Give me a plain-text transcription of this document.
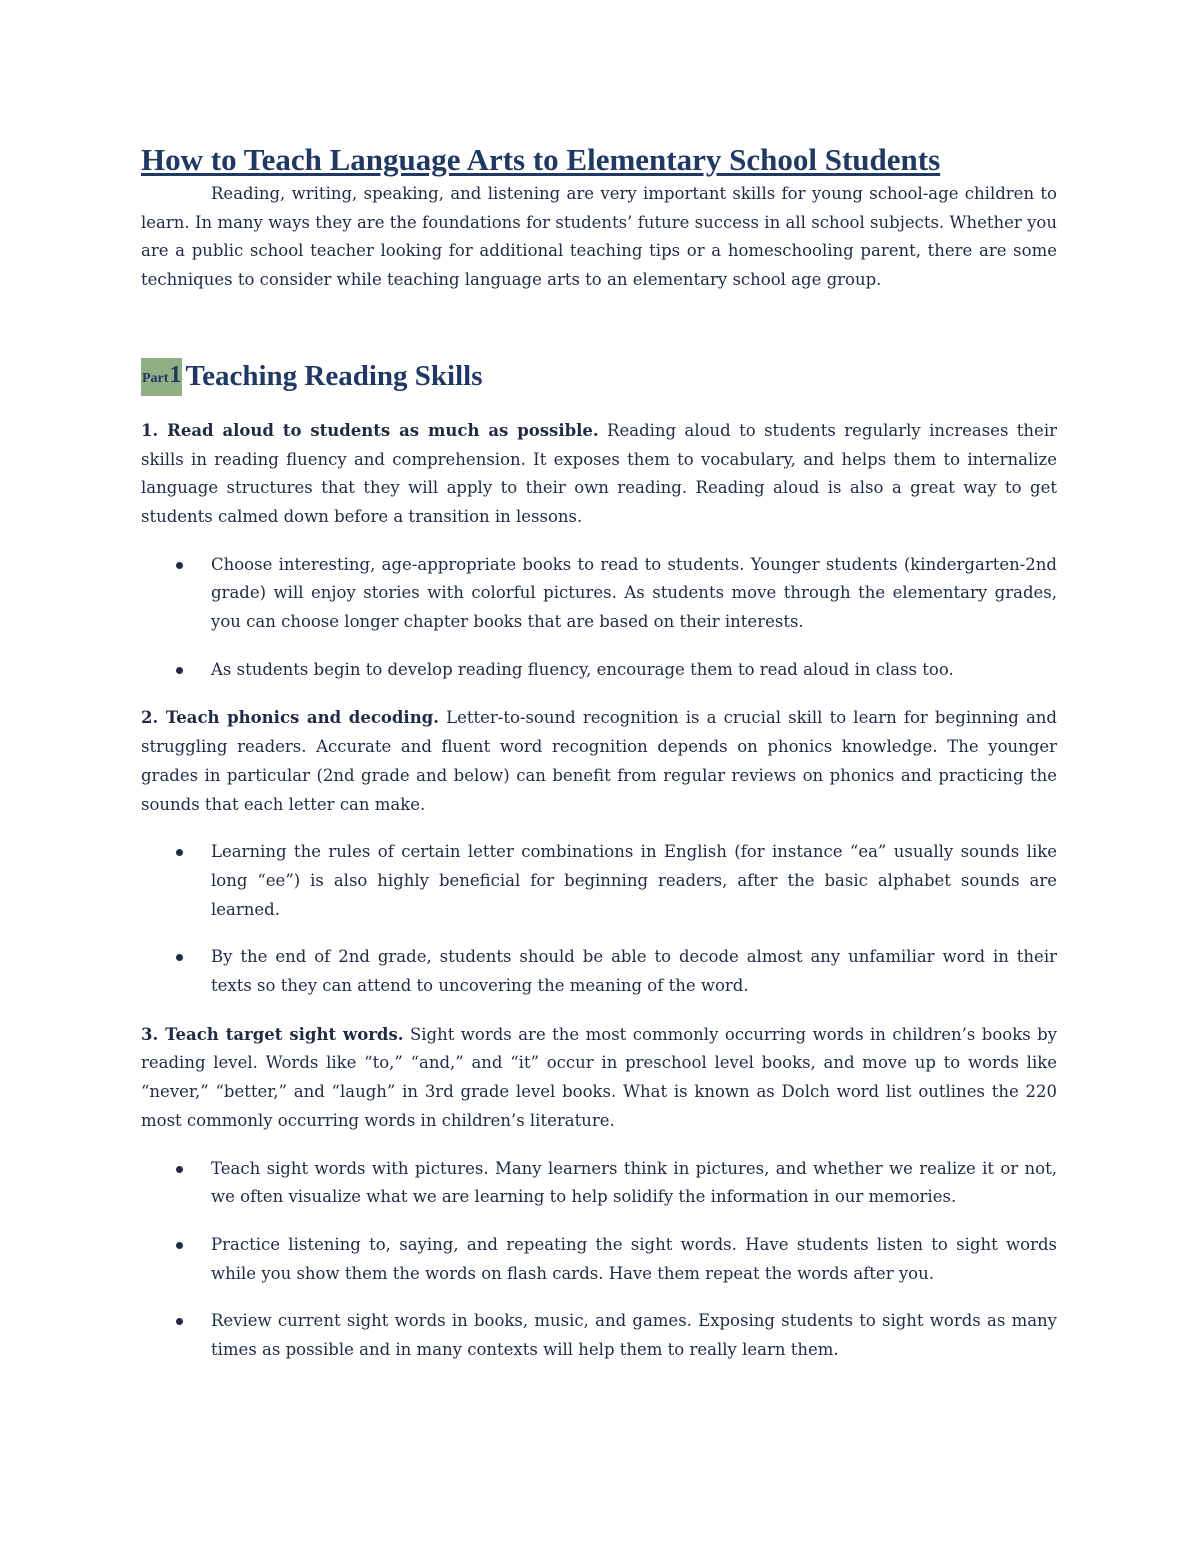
How to Teach Language Arts to Elementary School Students

Reading, writing, speaking, and listening are very important skills for young school-age children to learn. In many ways they are the foundations for students’ future success in all school subjects. Whether you are a public school teacher looking for additional teaching tips or a homeschooling parent, there are some techniques to consider while teaching language arts to an elementary school age group.

Part 1 Teaching Reading Skills

1. Read aloud to students as much as possible. Reading aloud to students regularly increases their skills in reading fluency and comprehension. It exposes them to vocabulary, and helps them to internalize language structures that they will apply to their own reading. Reading aloud is also a great way to get students calmed down before a transition in lessons.

Choose interesting, age-appropriate books to read to students. Younger students (kindergarten-2nd grade) will enjoy stories with colorful pictures. As students move through the elementary grades, you can choose longer chapter books that are based on their interests.
As students begin to develop reading fluency, encourage them to read aloud in class too.

2. Teach phonics and decoding. Letter-to-sound recognition is a crucial skill to learn for beginning and struggling readers. Accurate and fluent word recognition depends on phonics knowledge. The younger grades in particular (2nd grade and below) can benefit from regular reviews on phonics and practicing the sounds that each letter can make.

Learning the rules of certain letter combinations in English (for instance “ea” usually sounds like long “ee”) is also highly beneficial for beginning readers, after the basic alphabet sounds are learned.
By the end of 2nd grade, students should be able to decode almost any unfamiliar word in their texts so they can attend to uncovering the meaning of the word.

3. Teach target sight words. Sight words are the most commonly occurring words in children’s books by reading level. Words like “to,” “and,” and “it” occur in preschool level books, and move up to words like “never,” “better,” and “laugh” in 3rd grade level books. What is known as Dolch word list outlines the 220 most commonly occurring words in children’s literature.

Teach sight words with pictures. Many learners think in pictures, and whether we realize it or not, we often visualize what we are learning to help solidify the information in our memories.
Practice listening to, saying, and repeating the sight words. Have students listen to sight words while you show them the words on flash cards. Have them repeat the words after you.
Review current sight words in books, music, and games. Exposing students to sight words as many times as possible and in many contexts will help them to really learn them.
